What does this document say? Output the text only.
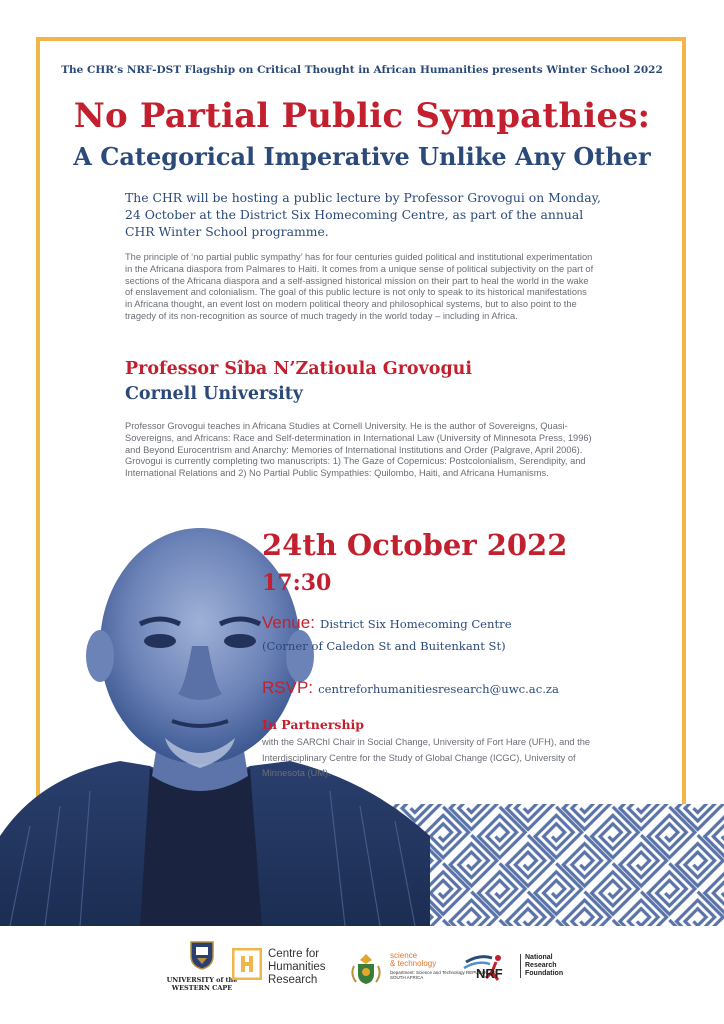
The CHR’s NRF-DST Flagship on Critical Thought in African Humanities presents Winter School 2022
No Partial Public Sympathies:
A Categorical Imperative Unlike Any Other
The CHR will be hosting a public lecture by Professor Grovogui on Monday, 24 October at the District Six Homecoming Centre, as part of the annual CHR Winter School programme.
The principle of ‘no partial public sympathy’ has for four centuries guided political and institutional experimentation in the Africana diaspora from Palmares to Haiti. It comes from a unique sense of political subjectivity on the part of sections of the Africana diaspora and a self-assigned historical mission on their part to heal the world in the wake of enslavement and colonialism. The goal of this public lecture is not only to speak to its historical manifestations in Africana thought, an event lost on modern political theory and philosophical systems, but to also point to the tragedy of its non-recognition as source of much tragedy in the world today – including in Africa.
Professor Sîba N’Zatioula Grovogui
Cornell University
Professor Grovogui teaches in Africana Studies at Cornell University. He is the author of Sovereigns, Quasi-Sovereigns, and Africans: Race and Self-determination in International Law (University of Minnesota Press, 1996) and Beyond Eurocentrism and Anarchy: Memories of International Institutions and Order (Palgrave, April 2006). Grovogui is currently completing two manuscripts: 1) The Gaze of Copernicus: Postcolonialism, Serendipity, and International Relations and 2) No Partial Public Sympathies: Quilombo, Haiti, and Africana Humanisms.
24th October 2022
17:30
Venue: District Six Homecoming Centre
(Corner of Caledon St and Buitenkant St)
RSVP: centreforhumanitiesresearch@uwc.ac.za
In Partnership
with the SARChI Chair in Social Change, University of Fort Hare (UFH), and the Interdisciplinary Centre for the Study of Global Change (ICGC), University of Minnesota (UM).
UNIVERSITY of the
WESTERN CAPE
Centre for
Humanities
Research
science
& technology
Department: Science and Technology REPUBLIC OF SOUTH AFRICA	NRF
National
Research
Foundation
